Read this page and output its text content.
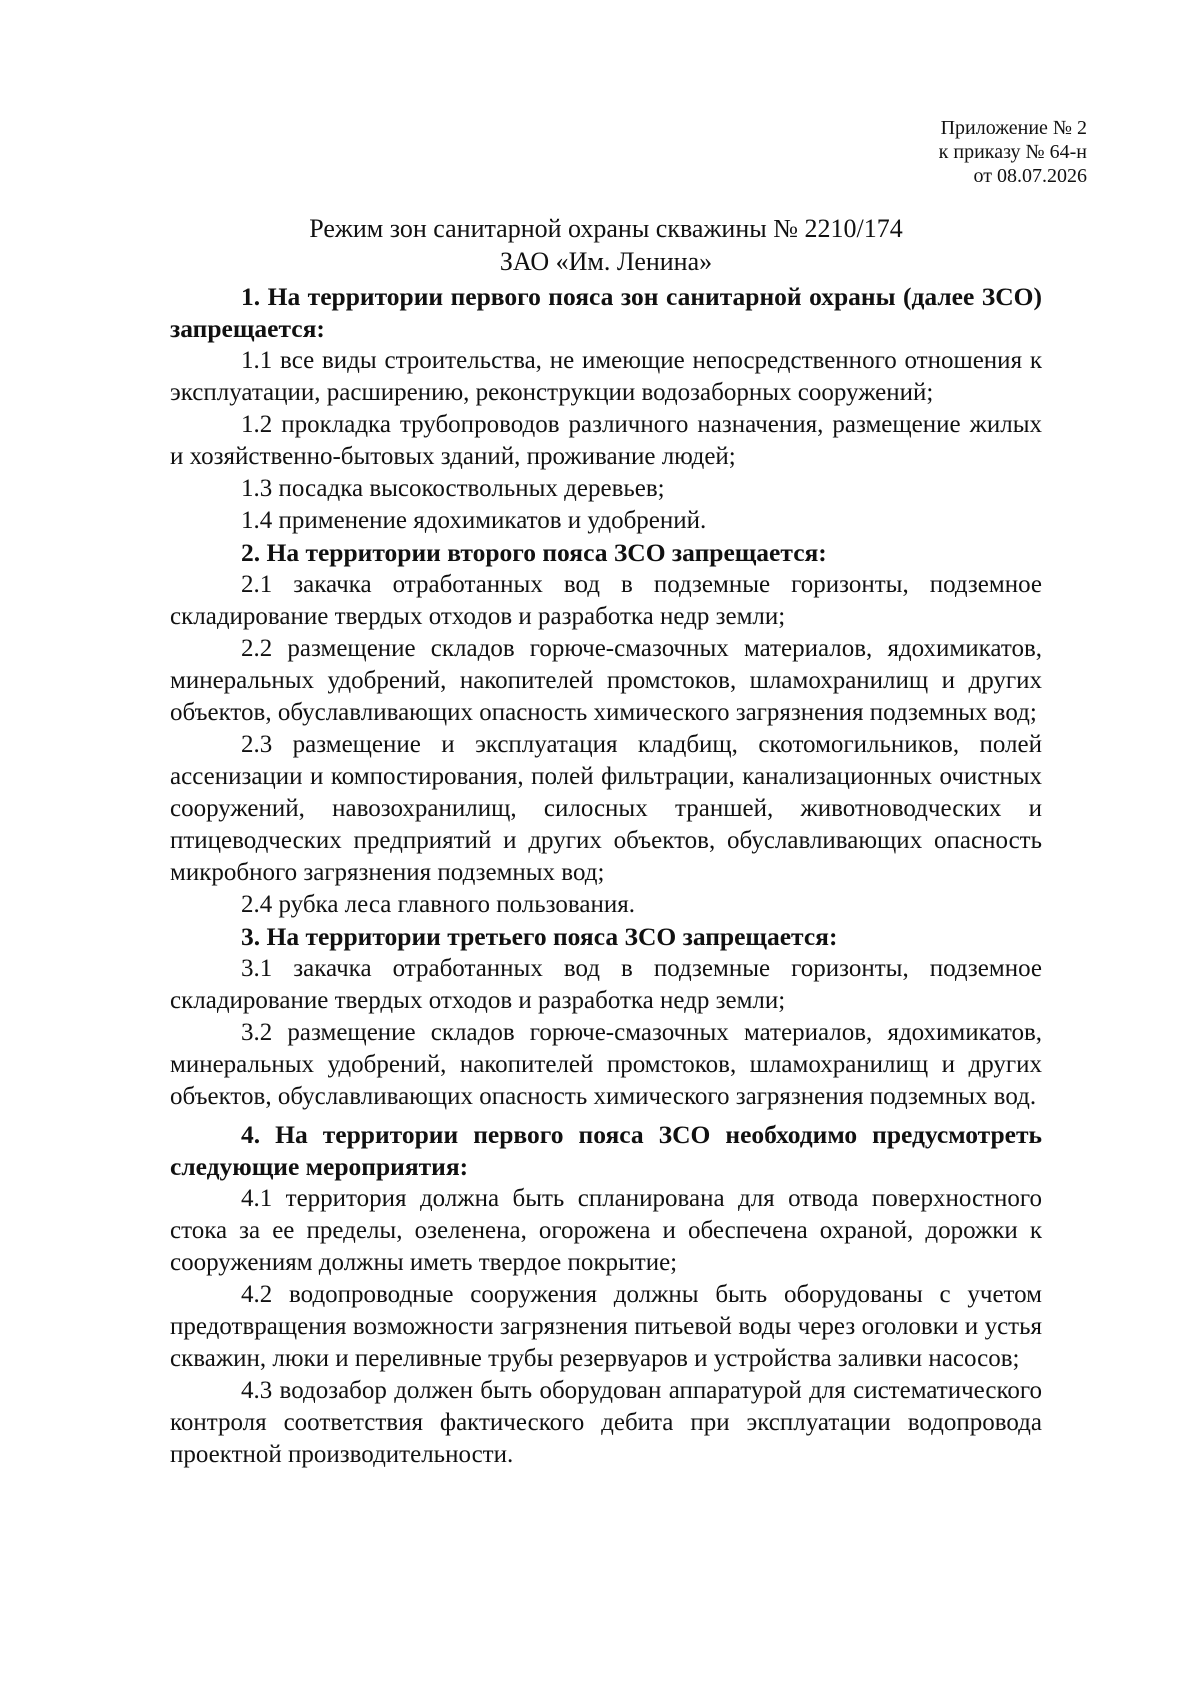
Приложение № 2
к приказу № 64-н
от 08.07.2026
Режим зон санитарной охраны скважины № 2210/174
ЗАО «Им. Ленина»

1. На территории первого пояса зон санитарной охраны (далее ЗСО) запрещается:

1.1 все виды строительства, не имеющие непосредственного отношения к эксплуатации, расширению, реконструкции водозаборных сооружений;

1.2 прокладка трубопроводов различного назначения, размещение жилых и хозяйственно-бытовых зданий, проживание людей;

1.3 посадка высокоствольных деревьев;

1.4 применение ядохимикатов и удобрений.

2. На территории второго пояса ЗСО запрещается:

2.1 закачка отработанных вод в подземные горизонты, подземное складирование твердых отходов и разработка недр земли;

2.2 размещение складов горюче-смазочных материалов, ядохимикатов, минеральных удобрений, накопителей промстоков, шламохранилищ и других объектов, обуславливающих опасность химического загрязнения подземных вод;

2.3 размещение и эксплуатация кладбищ, скотомогильников, полей ассенизации и компостирования, полей фильтрации, канализационных очистных сооружений, навозохранилищ, силосных траншей, животноводческих и птицеводческих предприятий и других объектов, обуславливающих опасность микробного загрязнения подземных вод;

2.4 рубка леса главного пользования.

3. На территории третьего пояса ЗСО запрещается:

3.1 закачка отработанных вод в подземные горизонты, подземное складирование твердых отходов и разработка недр земли;

3.2 размещение складов горюче-смазочных материалов, ядохимикатов, минеральных удобрений, накопителей промстоков, шламохранилищ и других объектов, обуславливающих опасность химического загрязнения подземных вод.

4. На территории первого пояса ЗСО необходимо предусмотреть следующие мероприятия:

4.1 территория должна быть спланирована для отвода поверхностного стока за ее пределы, озеленена, огорожена и обеспечена охраной, дорожки к сооружениям должны иметь твердое покрытие;

4.2 водопроводные сооружения должны быть оборудованы с учетом предотвращения возможности загрязнения питьевой воды через оголовки и устья скважин, люки и переливные трубы резервуаров и устройства заливки насосов;

4.3 водозабор должен быть оборудован аппаратурой для систематического контроля соответствия фактического дебита при эксплуатации водопровода проектной производительности.
